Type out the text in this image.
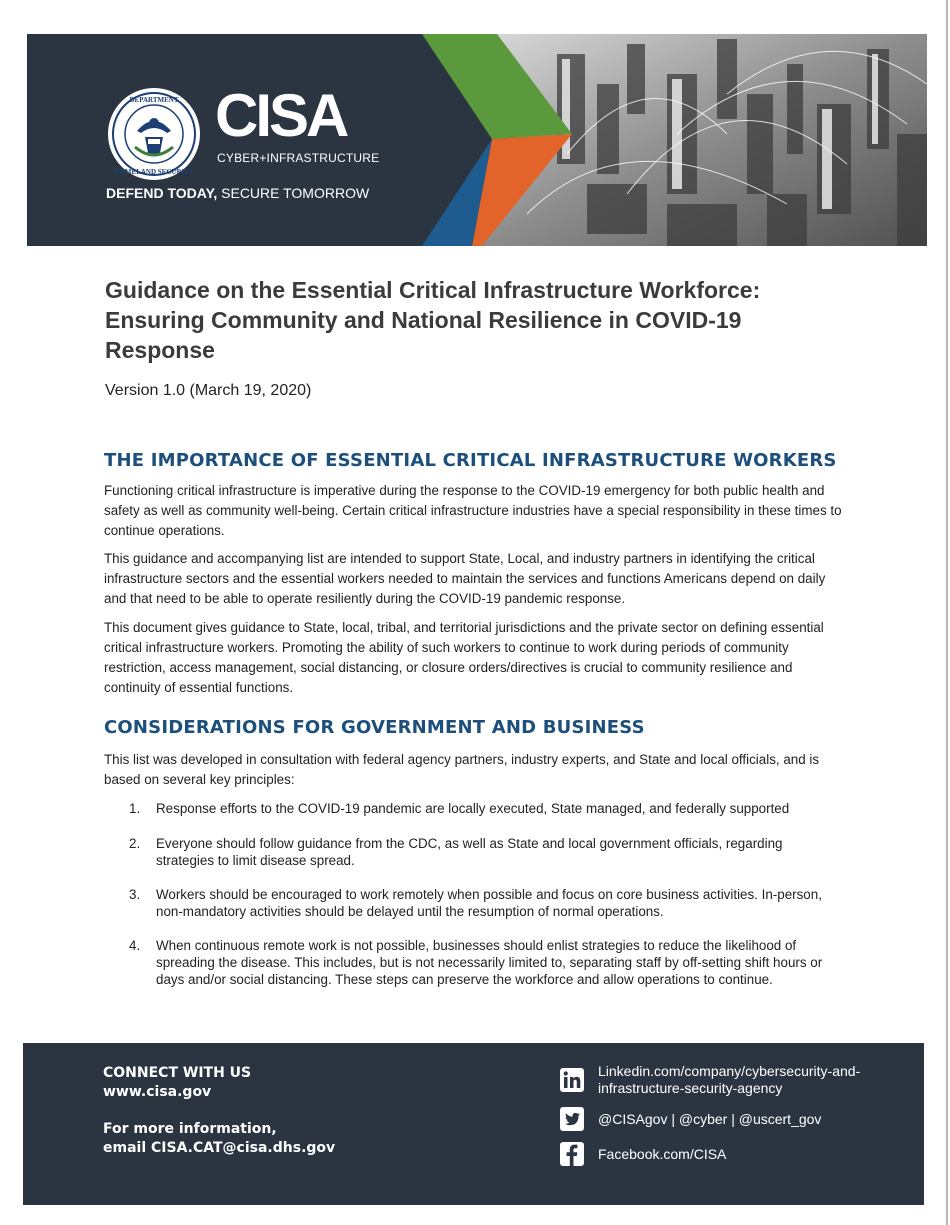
DEPARTMENT
HOMELAND SECURITY
CISA
CYBER+INFRASTRUCTURE
DEFEND TODAY, SECURE TOMORROW
Guidance on the Essential Critical Infrastructure Workforce: Ensuring Community and National Resilience in COVID-19 Response

Version 1.0 (March 19, 2020)

THE IMPORTANCE OF ESSENTIAL CRITICAL INFRASTRUCTURE WORKERS

Functioning critical infrastructure is imperative during the response to the COVID-19 emergency for both public health and safety as well as community well-being. Certain critical infrastructure industries have a special responsibility in these times to continue operations.

This guidance and accompanying list are intended to support State, Local, and industry partners in identifying the critical infrastructure sectors and the essential workers needed to maintain the services and functions Americans depend on daily and that need to be able to operate resiliently during the COVID-19 pandemic response.

This document gives guidance to State, local, tribal, and territorial jurisdictions and the private sector on defining essential critical infrastructure workers. Promoting the ability of such workers to continue to work during periods of community restriction, access management, social distancing, or closure orders/directives is crucial to community resilience and continuity of essential functions.

CONSIDERATIONS FOR GOVERNMENT AND BUSINESS

This list was developed in consultation with federal agency partners, industry experts, and State and local officials, and is based on several key principles:

1.	Response efforts to the COVID-19 pandemic are locally executed, State managed, and federally supported
2.	Everyone should follow guidance from the CDC, as well as State and local government officials, regarding strategies to limit disease spread.
3.	Workers should be encouraged to work remotely when possible and focus on core business activities. In-person, non-mandatory activities should be delayed until the resumption of normal operations.
4.	When continuous remote work is not possible, businesses should enlist strategies to reduce the likelihood of spreading the disease. This includes, but is not necessarily limited to, separating staff by off-setting shift hours or days and/or social distancing. These steps can preserve the workforce and allow operations to continue.
CONNECT WITH US
www.cisa.gov
For more information,
email CISA.CAT@cisa.dhs.gov
Linkedin.com/company/cybersecurity-and-infrastructure-security-agency
@CISAgov | @cyber | @uscert_gov
Facebook.com/CISA
